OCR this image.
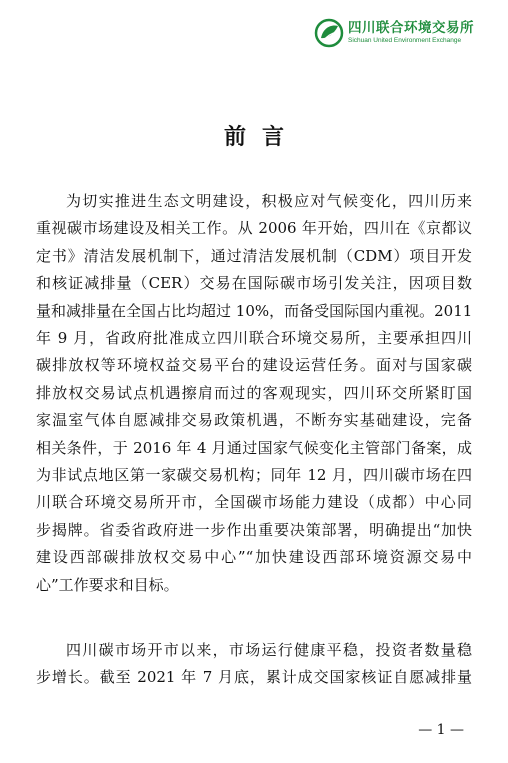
四川联合环境交易所
Sichuan United Environment Exchange
前言
为切实推进生态文明建设，积极应对气候变化，四川历来
重视碳市场建设及相关工作。从 2006 年开始，四川在《京都议
定书》清洁发展机制下，通过清洁发展机制（CDM）项目开发
和核证减排量（CER）交易在国际碳市场引发关注，因项目数
量和减排量在全国占比均超过 10%，而备受国际国内重视。2011
年 9 月，省政府批准成立四川联合环境交易所，主要承担四川
碳排放权等环境权益交易平台的建设运营任务。面对与国家碳
排放权交易试点机遇擦肩而过的客观现实，四川环交所紧盯国
家温室气体自愿减排交易政策机遇，不断夯实基础建设，完备
相关条件，于 2016 年 4 月通过国家气候变化主管部门备案，成
为非试点地区第一家碳交易机构；同年 12 月，四川碳市场在四
川联合环境交易所开市，全国碳市场能力建设（成都）中心同
步揭牌。省委省政府进一步作出重要决策部署，明确提出“加快
建设西部碳排放权交易中心”“加快建设西部环境资源交易中
心”工作要求和目标。
四川碳市场开市以来，市场运行健康平稳，投资者数量稳
步增长。截至 2021 年 7 月底，累计成交国家核证自愿减排量
— 1 —
